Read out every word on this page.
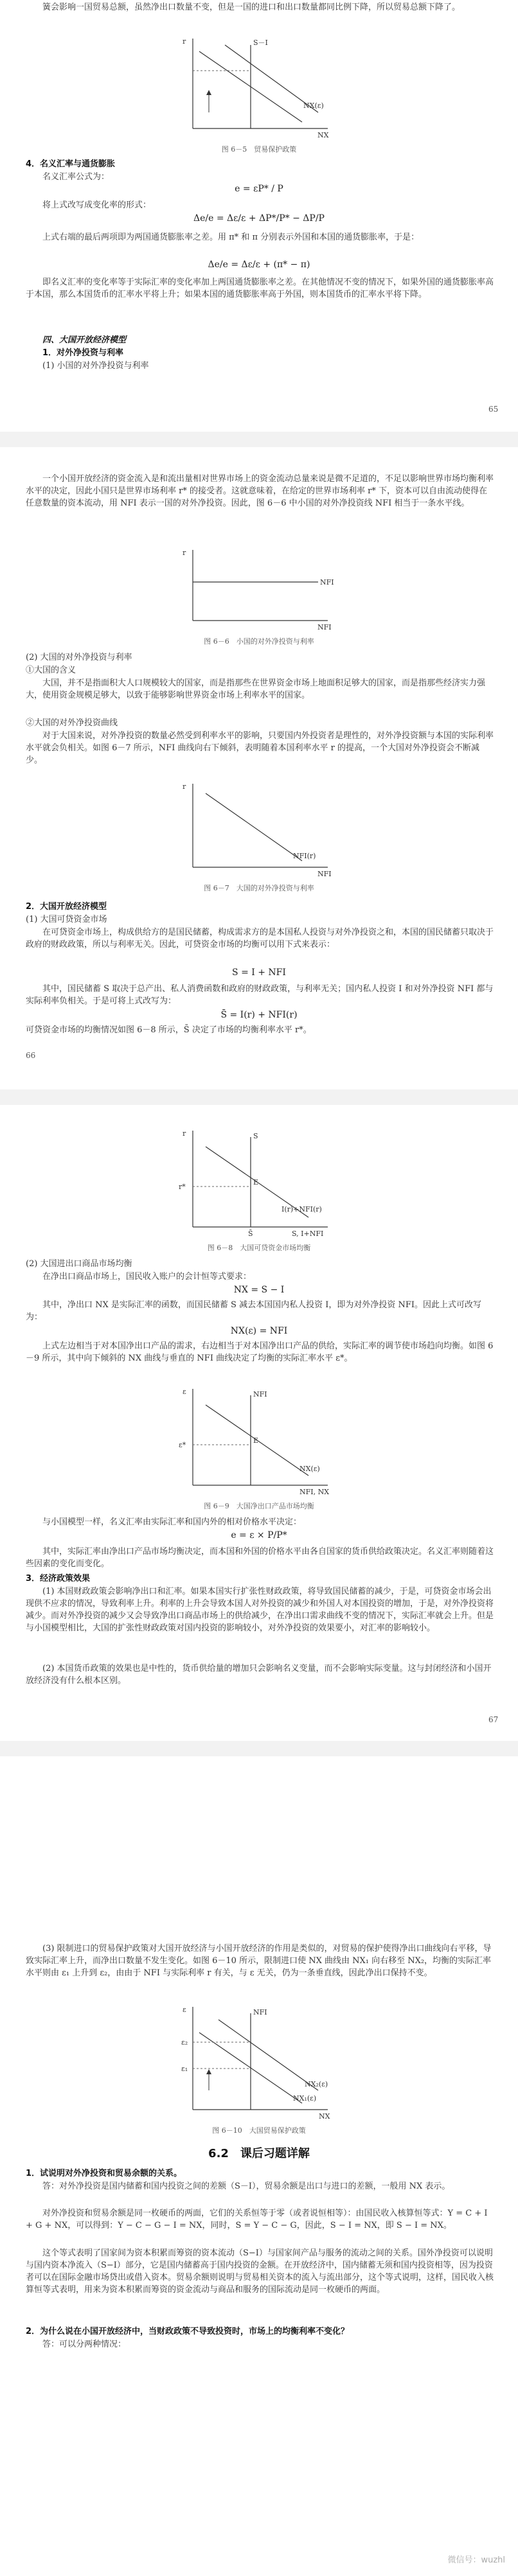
簧会影响一国贸易总额，虽然净出口数量不变，但是一国的进口和出口数量都同比例下降，所以贸易总额下降了。
r	S－I
NX(ε)
NX
图 6－5　贸易保护政策
4．名义汇率与通货膨胀
名义汇率公式为：
e = εP* / P
将上式改写成变化率的形式：
Δe/e = Δε/ε + ΔP*/P* − ΔP/P
上式右端的最后两项即为两国通货膨胀率之差。用 π* 和 π 分别表示外国和本国的通货膨胀率，于是：
Δe/e = Δε/ε + (π* − π)
即名义汇率的变化率等于实际汇率的变化率加上两国通货膨胀率之差。在其他情况不变的情况下，如果外国的通货膨胀率高于本国，那么本国货币的汇率水平将上升；如果本国的通货膨胀率高于外国，则本国货币的汇率水平将下降。
四、大国开放经济模型
1．对外净投资与利率
(1) 小国的对外净投资与利率
65
一个小国开放经济的资金流入是和流出量相对世界市场上的资金流动总量来说是微不足道的，不足以影响世界市场均衡利率水平的决定，因此小国只是世界市场利率 r* 的接受者。这就意味着，在给定的世界市场利率 r* 下，资本可以自由流动使得在任意数量的资本流动，用 NFI 表示一国的对外净投资。因此，图 6－6 中小国的对外净投资线 NFI 相当于一条水平线。
r
NFI
NFI
图 6－6　小国的对外净投资与利率
(2) 大国的对外净投资与利率
①大国的含义
大国，并不是指面积大人口规模较大的国家，而是指那些在世界资金市场上地面积足够大的国家，而是指那些经济实力强大，使用资金规模足够大，以致于能够影响世界资金市场上利率水平的国家。
②大国的对外净投资曲线
对于大国来说，对外净投资的数量必然受到利率水平的影响，只要国内外投资者是理性的，对外净投资额与本国的实际利率水平就会负相关。如图 6－7 所示，NFI 曲线向右下倾斜，表明随着本国利率水平 r 的提高，一个大国对外净投资会不断减少。
r
NFI(r)
NFI
图 6－7　大国的对外净投资与利率
2．大国开放经济模型
(1) 大国可贷资金市场
在可贷资金市场上，构成供给方的是国民储蓄，构成需求方的是本国私人投资与对外净投资之和，本国的国民储蓄只取决于政府的财政政策，所以与利率无关。因此，可贷资金市场的均衡可以用下式来表示：
S = I + NFI
其中，国民储蓄 S 取决于总产出、私人消费函数和政府的财政政策，与利率无关；国内私人投资 I 和对外净投资 NFI 都与实际利率负相关。于是可将上式改写为：
S̄ = I(r) + NFI(r)
可贷资金市场的均衡情况如图 6－8 所示，S̄ 决定了市场的均衡利率水平 r*。
66
r
r*
S
E
I(r)+NFI(r)
S̄	S, I+NFI
图 6－8　大国可贷资金市场均衡
(2) 大国进出口商品市场均衡
在净出口商品市场上，国民收入账户的会计恒等式要求：
NX = S − I
其中，净出口 NX 是实际汇率的函数，而国民储蓄 S 减去本国国内私人投资 I，即为对外净投资 NFI。因此上式可改写为：
NX(ε) = NFI
上式左边相当于对本国净出口产品的需求，右边相当于对本国净出口产品的供给，实际汇率的调节使市场趋向均衡。如图 6－9 所示，其中向下倾斜的 NX 曲线与垂直的 NFI 曲线决定了均衡的实际汇率水平 ε*。
ε
ε*
NFI
E
NX(ε)
NFI, NX
图 6－9　大国净出口产品市场均衡
与小国模型一样，名义汇率由实际汇率和国内外的相对价格水平决定：
e = ε × P/P*
其中，实际汇率由净出口产品市场均衡决定，而本国和外国的价格水平由各自国家的货币供给政策决定。名义汇率则随着这些因素的变化而变化。
3．经济政策效果
(1) 本国财政政策会影响净出口和汇率。如果本国实行扩张性财政政策，将导致国民储蓄的减少，于是，可贷资金市场会出现供不应求的情况，导致利率上升。利率的上升会导致本国人对外投资的减少和外国人对本国投资的增加，于是，对外净投资将减少。而对外净投资的减少又会导致净出口商品市场上的供给减少，在净出口需求曲线不变的情况下，实际汇率就会上升。但是与小国模型相比，大国的扩张性财政政策对国内投资的影响较小，对外净投资的效果要小，对汇率的影响较小。
(2) 本国货币政策的效果也是中性的，货币供给量的增加只会影响名义变量，而不会影响实际变量。这与封闭经济和小国开放经济没有什么根本区别。
67
(3) 限制进口的贸易保护政策对大国开放经济与小国开放经济的作用是类似的，对贸易的保护使得净出口曲线向右平移，导致实际汇率上升，而净出口数量不发生变化。如图 6－10 所示，限制进口使 NX 曲线由 NX₁ 向右移至 NX₂，均衡的实际汇率水平则由 ε₁ 上升到 ε₂，由由于 NFI 与实际利率 r 有关，与 ε 无关，仍为一条垂直线，因此净出口保持不变。
ε
ε₂
ε₁
NFI
NX₁(ε)
NX₂(ε)
NX
图 6－10　大国贸易保护政策
6.2　课后习题详解
1．试说明对外净投资和贸易余额的关系。
答：对外净投资是国内储蓄和国内投资之间的差额（S－I），贸易余额是出口与进口的差额，一般用 NX 表示。
对外净投资和贸易余额是同一枚硬币的两面，它们的关系恒等于零（或者说恒相等）：由国民收入核算恒等式：Y = C + I + G + NX，可以得到：Y − C − G − I = NX，同时，S = Y − C − G，因此，S − I = NX，即 S − I = NX。
这个等式表明了国家间为资本积累而筹资的资本流动（S−I）与国家间产品与服务的流动之间的关系。国外净投资可以说明与国内资本净流入（S−I）部分，它是国内储蓄高于国内投资的金额。在开放经济中，国内储蓄无须和国内投资相等，因为投资者可以在国际金融市场贷出或借入资本。贸易余额则说明与贸易相关资本的流入与流出部分，这个等式说明，这样，国民收入核算恒等式表明，用来为资本积累而筹资的资金流动与商品和服务的国际流动是同一枚硬币的两面。
2．为什么说在小国开放经济中，当财政政策不导致投资时，市场上的均衡利率不变化？
答：可以分两种情况：
微信号：wuzhl
